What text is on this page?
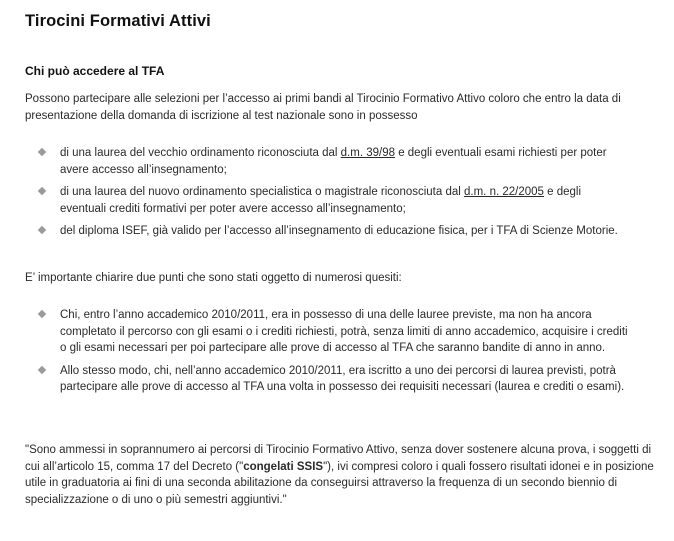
Tirocini Formativi Attivi
Chi può accedere al TFA
Possono partecipare alle selezioni per l’accesso ai primi bandi al Tirocinio Formativo Attivo coloro che entro la data di presentazione della domanda di iscrizione al test nazionale sono in possesso
di una laurea del vecchio ordinamento riconosciuta dal d.m. 39/98 e degli eventuali esami richiesti per poter avere accesso all’insegnamento;
di una laurea del nuovo ordinamento specialistica o magistrale riconosciuta dal d.m. n. 22/2005 e degli eventuali crediti formativi per poter avere accesso all’insegnamento;
del diploma ISEF, già valido per l’accesso all’insegnamento di educazione fisica, per i TFA di Scienze Motorie.
E’ importante chiarire due punti che sono stati oggetto di numerosi quesiti:
Chi, entro l’anno accademico 2010/2011, era in possesso di una delle lauree previste, ma non ha ancora completato il percorso con gli esami o i crediti richiesti, potrà, senza limiti di anno accademico, acquisire i crediti o gli esami necessari per poi partecipare alle prove di accesso al TFA che saranno bandite di anno in anno.
Allo stesso modo, chi, nell’anno accademico 2010/2011, era iscritto a uno dei percorsi di laurea previsti, potrà partecipare alle prove di accesso al TFA una volta in possesso dei requisiti necessari (laurea e crediti o esami).
"Sono ammessi in soprannumero ai percorsi di Tirocinio Formativo Attivo, senza dover sostenere alcuna prova, i soggetti di cui all’articolo 15, comma 17 del Decreto ("congelati SSIS"), ivi compresi coloro i quali fossero risultati idonei e in posizione utile in graduatoria ai fini di una seconda abilitazione da conseguirsi attraverso la frequenza di un secondo biennio di specializzazione o di uno o più semestri aggiuntivi."
